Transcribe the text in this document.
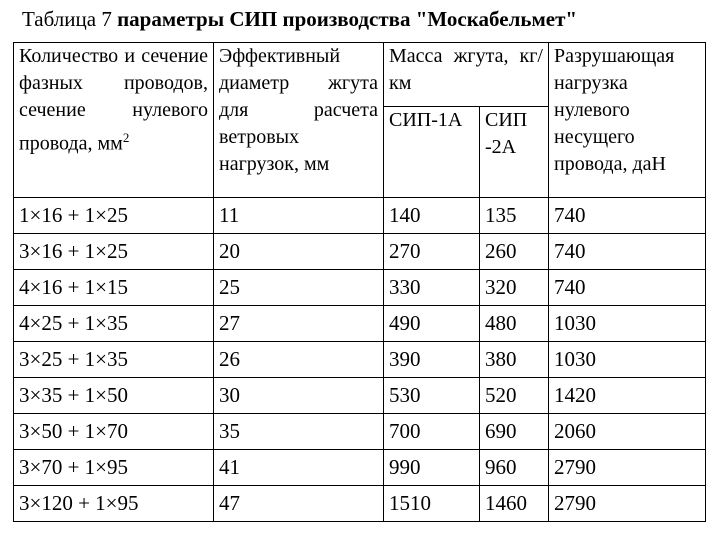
Таблица 7 параметры СИП производства "Москабельмет"
Количество и сечение фазных проводов, сечение нулевого провода, $мм^2$	Эффективный диаметр жгута для расчета ветровых нагрузок, мм	Масса жгута, кг/км		Разрушающая нагрузка нулевого несущего провода, даН
		СИП-1А	СИП -2А	
1×16 + 1×25	11	140	135	740
3×16 + 1×25	20	270	260	740
4×16 + 1×15	25	330	320	740
4×25 + 1×35	27	490	480	1030
3×25 + 1×35	26	390	380	1030
3×35 + 1×50	30	530	520	1420
3×50 + 1×70	35	700	690	2060
3×70 + 1×95	41	990	960	2790
3×120 + 1×95	47	1510	1460	2790
